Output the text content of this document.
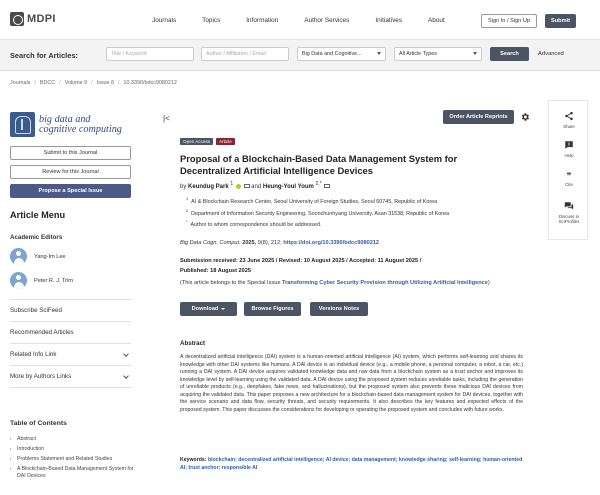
MDPI	Journals	Topics	Information	Author Services	Initiatives	About	Sign In / Sign Up	Submit
Search for Articles:	Title / Keyword	Author / Affiliation / Email	Big Data and Cognitive...	All Article Types	Search	Advanced
Journals / BDCC / Volume 9 / Issue 8 / 10.3390/bdcc9080212
big data and
cognitive computing
Submit to this Journal
Review for this Journal
Propose a Special Issue
Article Menu
Academic Editors
Yang-Im Lee
Peter R. J. Trim
Subscribe SciFeed
Recommended Articles
Related Info Link
More by Authors Links
Table of Contents
▪ Abstract
▪ Introduction
▪ Problems Statement and Related Studies
▪ A Blockchain-Based Data Management System for DAI Devices
|<	Order Article Reprints
Open Access	Article
Proposal of a Blockchain-Based Data Management System for Decentralized Artificial Intelligence Devices
by Keundug Park $^1$	and Heung-Youl Youm $^{2,*}$
$^1$ AI & Blockchain Research Center, Seoul University of Foreign Studies, Seoul 60745, Republic of Korea
$^2$ Department of Information Security Engineering, Soonchunhyang University, Asan 31538, Republic of Korea
* Author to whom correspondence should be addressed.
Big Data Cogn. Comput. 2025, 9(8), 212; https://doi.org/10.3390/bdcc9080212
Submission received: 23 June 2025 / Revised: 10 August 2025 / Accepted: 11 August 2025 /
Published: 18 August 2025
(This article belongs to the Special Issue Transforming Cyber Security Provision through Utilizing Artificial Intelligence)
Download	Browse Figures	Versions Notes
Abstract

A decentralized artificial intelligence (DAI) system is a human-oriented artificial intelligence (AI) system, which performs self-learning and shares its knowledge with other DAI systems like humans. A DAI device is an individual device (e.g., a mobile phone, a personal computer, a robot, a car, etc.) running a DAI system. A DAI device acquires validated knowledge data and raw data from a blockchain system as a trust anchor and improves its knowledge level by self-learning using the validated data. A DAI device using the proposed system reduces unreliable tasks, including the generation of unreliable products (e.g., deepfakes, fake news, and hallucinations), but the proposed system also prevents these malicious DAI devices from acquiring the validated data. This paper proposes a new architecture for a blockchain-based data management system for DAI devices, together with the service scenario and data flow, security threats, and security requirements. It also describes the key features and expected effects of the proposed system. This paper discusses the considerations for developing or operating the proposed system and concludes with future works.

Keywords: blockchain; decentralized artificial intelligence; AI device; data management; knowledge sharing; self-learning; human-oriented AI; trust anchor; responsible AI

Share
Help
❞
Cite
Discuss in
SciProfiles
